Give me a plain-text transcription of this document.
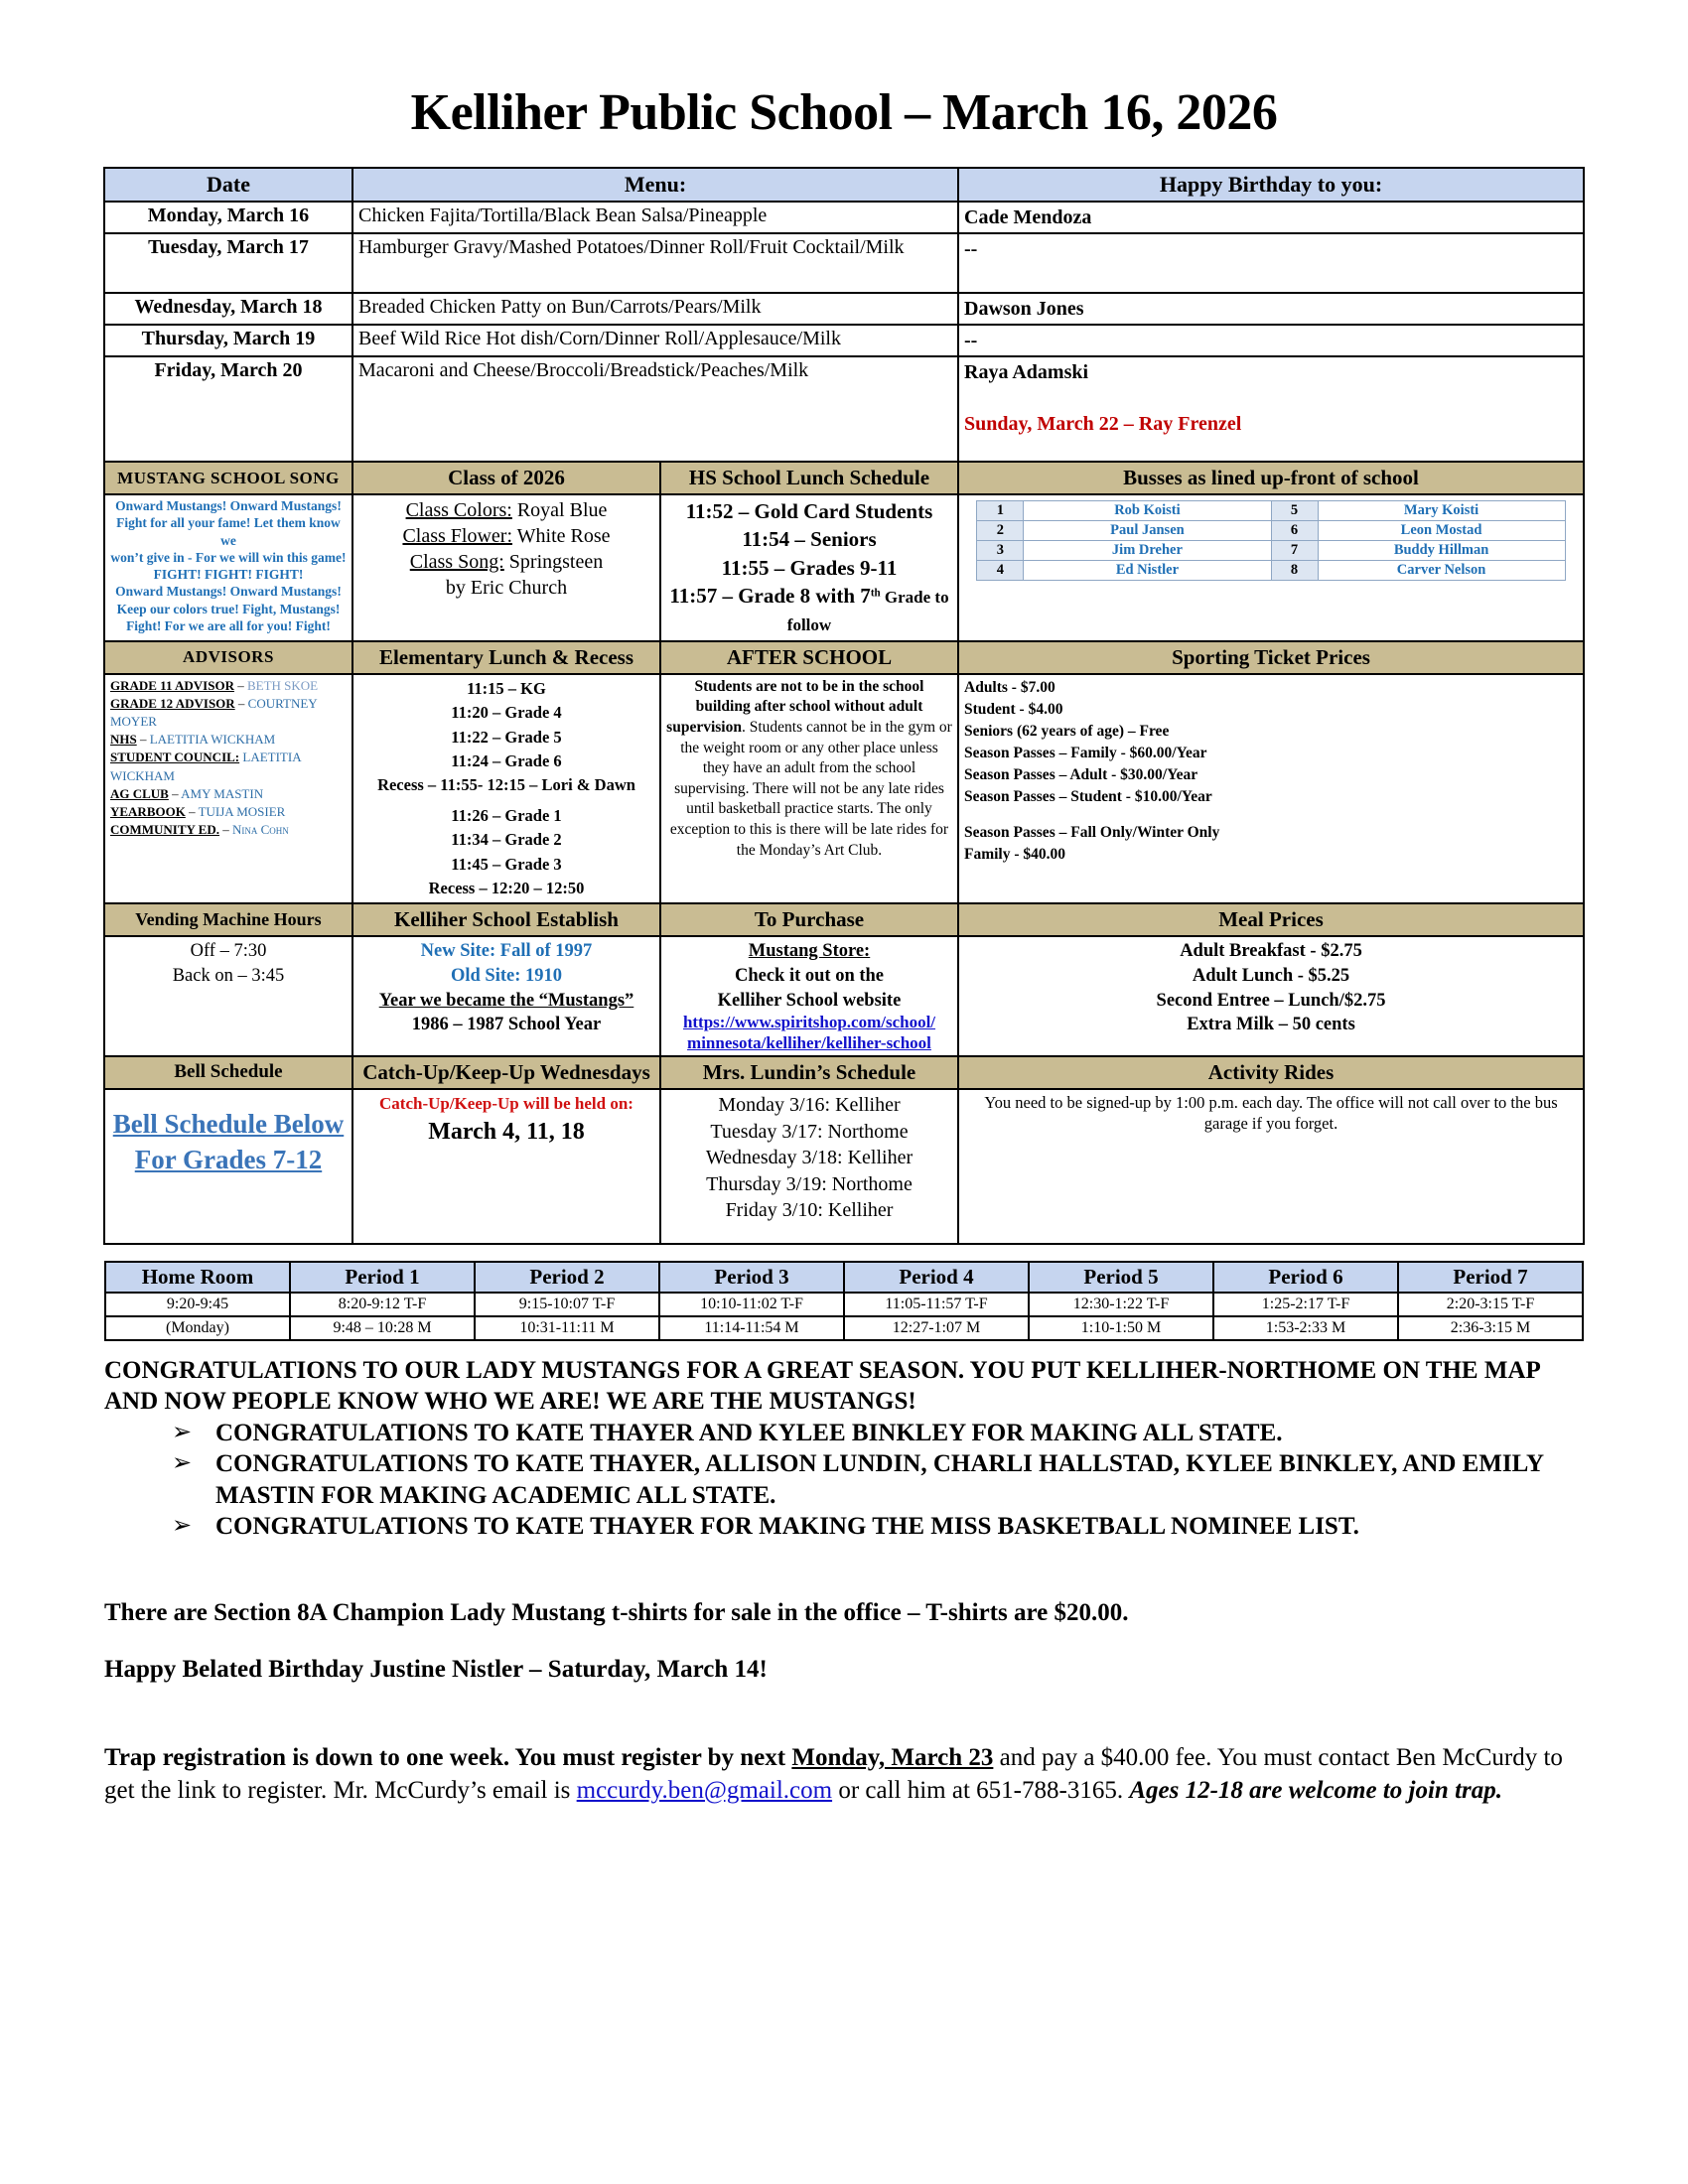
Kelliher Public School – March 16, 2026
Date	Menu:	Happy Birthday to you:
Monday, March 16	Chicken Fajita/Tortilla/Black Bean Salsa/Pineapple	Cade Mendoza
Tuesday, March 17	Hamburger Gravy/Mashed Potatoes/Dinner Roll/Fruit Cocktail/Milk	--
Wednesday, March 18	Breaded Chicken Patty on Bun/Carrots/Pears/Milk	Dawson Jones
Thursday, March 19	Beef Wild Rice Hot dish/Corn/Dinner Roll/Applesauce/Milk	--
Friday, March 20	Macaroni and Cheese/Broccoli/Breadstick/Peaches/Milk	Raya Adamski

Sunday, March 22 – Ray Frenzel
MUSTANG SCHOOL SONG	Class of 2026	HS School Lunch Schedule	Busses as lined up-front of school
Onward Mustangs! Onward Mustangs!
Fight for all your fame! Let them know we
won’t give in - For we will win this game!
FIGHT! FIGHT! FIGHT!
Onward Mustangs! Onward Mustangs!
Keep our colors true! Fight, Mustangs!
Fight! For we are all for you! Fight!	Class Colors: Royal Blue
Class Flower: White Rose
Class Song: Springsteen
by Eric Church	11:52 – Gold Card Students
11:54 – Seniors
11:55 – Grades 9-11
11:57 – Grade 8 with 7th Grade to follow	
1	Rob Koisti	5	Mary Koisti
2	Paul Jansen	6	Leon Mostad
3	Jim Dreher	7	Buddy Hillman
4	Ed Nistler	8	Carver Nelson

ADVISORS	Elementary Lunch & Recess	AFTER SCHOOL	Sporting Ticket Prices
GRADE 11 ADVISOR – BETH SKOE
GRADE 12 ADVISOR – COURTNEY MOYER
NHS – LAETITIA WICKHAM
STUDENT COUNCIL: LAETITIA WICKHAM
AG CLUB – AMY MASTIN
YEARBOOK – TUIJA MOSIER
COMMUNITY ED. – Nina Cohn	11:15 – KG
11:20 – Grade 4
11:22 – Grade 5
11:24 – Grade 6
Recess – 11:55- 12:15 – Lori & Dawn
11:26 – Grade 1
11:34 – Grade 2
11:45 – Grade 3
Recess – 12:20 – 12:50	Students are not to be in the school building after school without adult supervision. Students cannot be in the gym or the weight room or any other place unless they have an adult from the school supervising. There will not be any late rides until basketball practice starts. The only exception to this is there will be late rides for the Monday’s Art Club.	Adults - $7.00
Student - $4.00
Seniors (62 years of age) – Free
Season Passes – Family - $60.00/Year
Season Passes – Adult - $30.00/Year
Season Passes – Student - $10.00/Year
Season Passes – Fall Only/Winter Only
Family - $40.00
Vending Machine Hours	Kelliher School Establish	To Purchase	Meal Prices
Off – 7:30
Back on – 3:45	New Site: Fall of 1997
Old Site: 1910
Year we became the “Mustangs”
1986 – 1987 School Year	Mustang Store:
Check it out on the
Kelliher School website

https://www.spiritshop.com/school/
minnesota/kelliher/kelliher-school
	Adult Breakfast - $2.75
Adult Lunch - $5.25
Second Entree – Lunch/$2.75
Extra Milk – 50 cents
Bell Schedule	Catch-Up/Keep-Up Wednesdays	Mrs. Lundin’s Schedule	Activity Rides

Bell Schedule Below
For Grades 7-12
	Catch-Up/Keep-Up will be held on:
March 4, 11, 18	Monday 3/16: Kelliher
Tuesday 3/17: Northome
Wednesday 3/18: Kelliher
Thursday 3/19: Northome
Friday 3/10: Kelliher	You need to be signed-up by 1:00 p.m. each day. The office will not call over to the bus garage if you forget.
Home Room	Period 1	Period 2	Period 3	Period 4	Period 5	Period 6	Period 7
9:20-9:45	8:20-9:12 T-F	9:15-10:07 T-F	10:10-11:02 T-F	11:05-11:57 T-F	12:30-1:22 T-F	1:25-2:17 T-F	2:20-3:15 T-F
(Monday)	9:48 – 10:28 M	10:31-11:11 M	11:14-11:54 M	12:27-1:07 M	1:10-1:50 M	1:53-2:33 M	2:36-3:15 M

CONGRATULATIONS TO OUR LADY MUSTANGS FOR A GREAT SEASON. YOU PUT KELLIHER-NORTHOME ON THE MAP AND NOW PEOPLE KNOW WHO WE ARE! WE ARE THE MUSTANGS!

➢ CONGRATULATIONS TO KATE THAYER AND KYLEE BINKLEY FOR MAKING ALL STATE.
➢ CONGRATULATIONS TO KATE THAYER, ALLISON LUNDIN, CHARLI HALLSTAD, KYLEE BINKLEY, AND EMILY MASTIN FOR MAKING ACADEMIC ALL STATE.
➢ CONGRATULATIONS TO KATE THAYER FOR MAKING THE MISS BASKETBALL NOMINEE LIST.

There are Section 8A Champion Lady Mustang t-shirts for sale in the office – T-shirts are $20.00.

Happy Belated Birthday Justine Nistler – Saturday, March 14!

Trap registration is down to one week. You must register by next Monday, March 23 and pay a $40.00 fee. You must contact Ben McCurdy to get the link to register. Mr. McCurdy’s email is mccurdy.ben@gmail.com or call him at 651-788-3165. Ages 12-18 are welcome to join trap.
